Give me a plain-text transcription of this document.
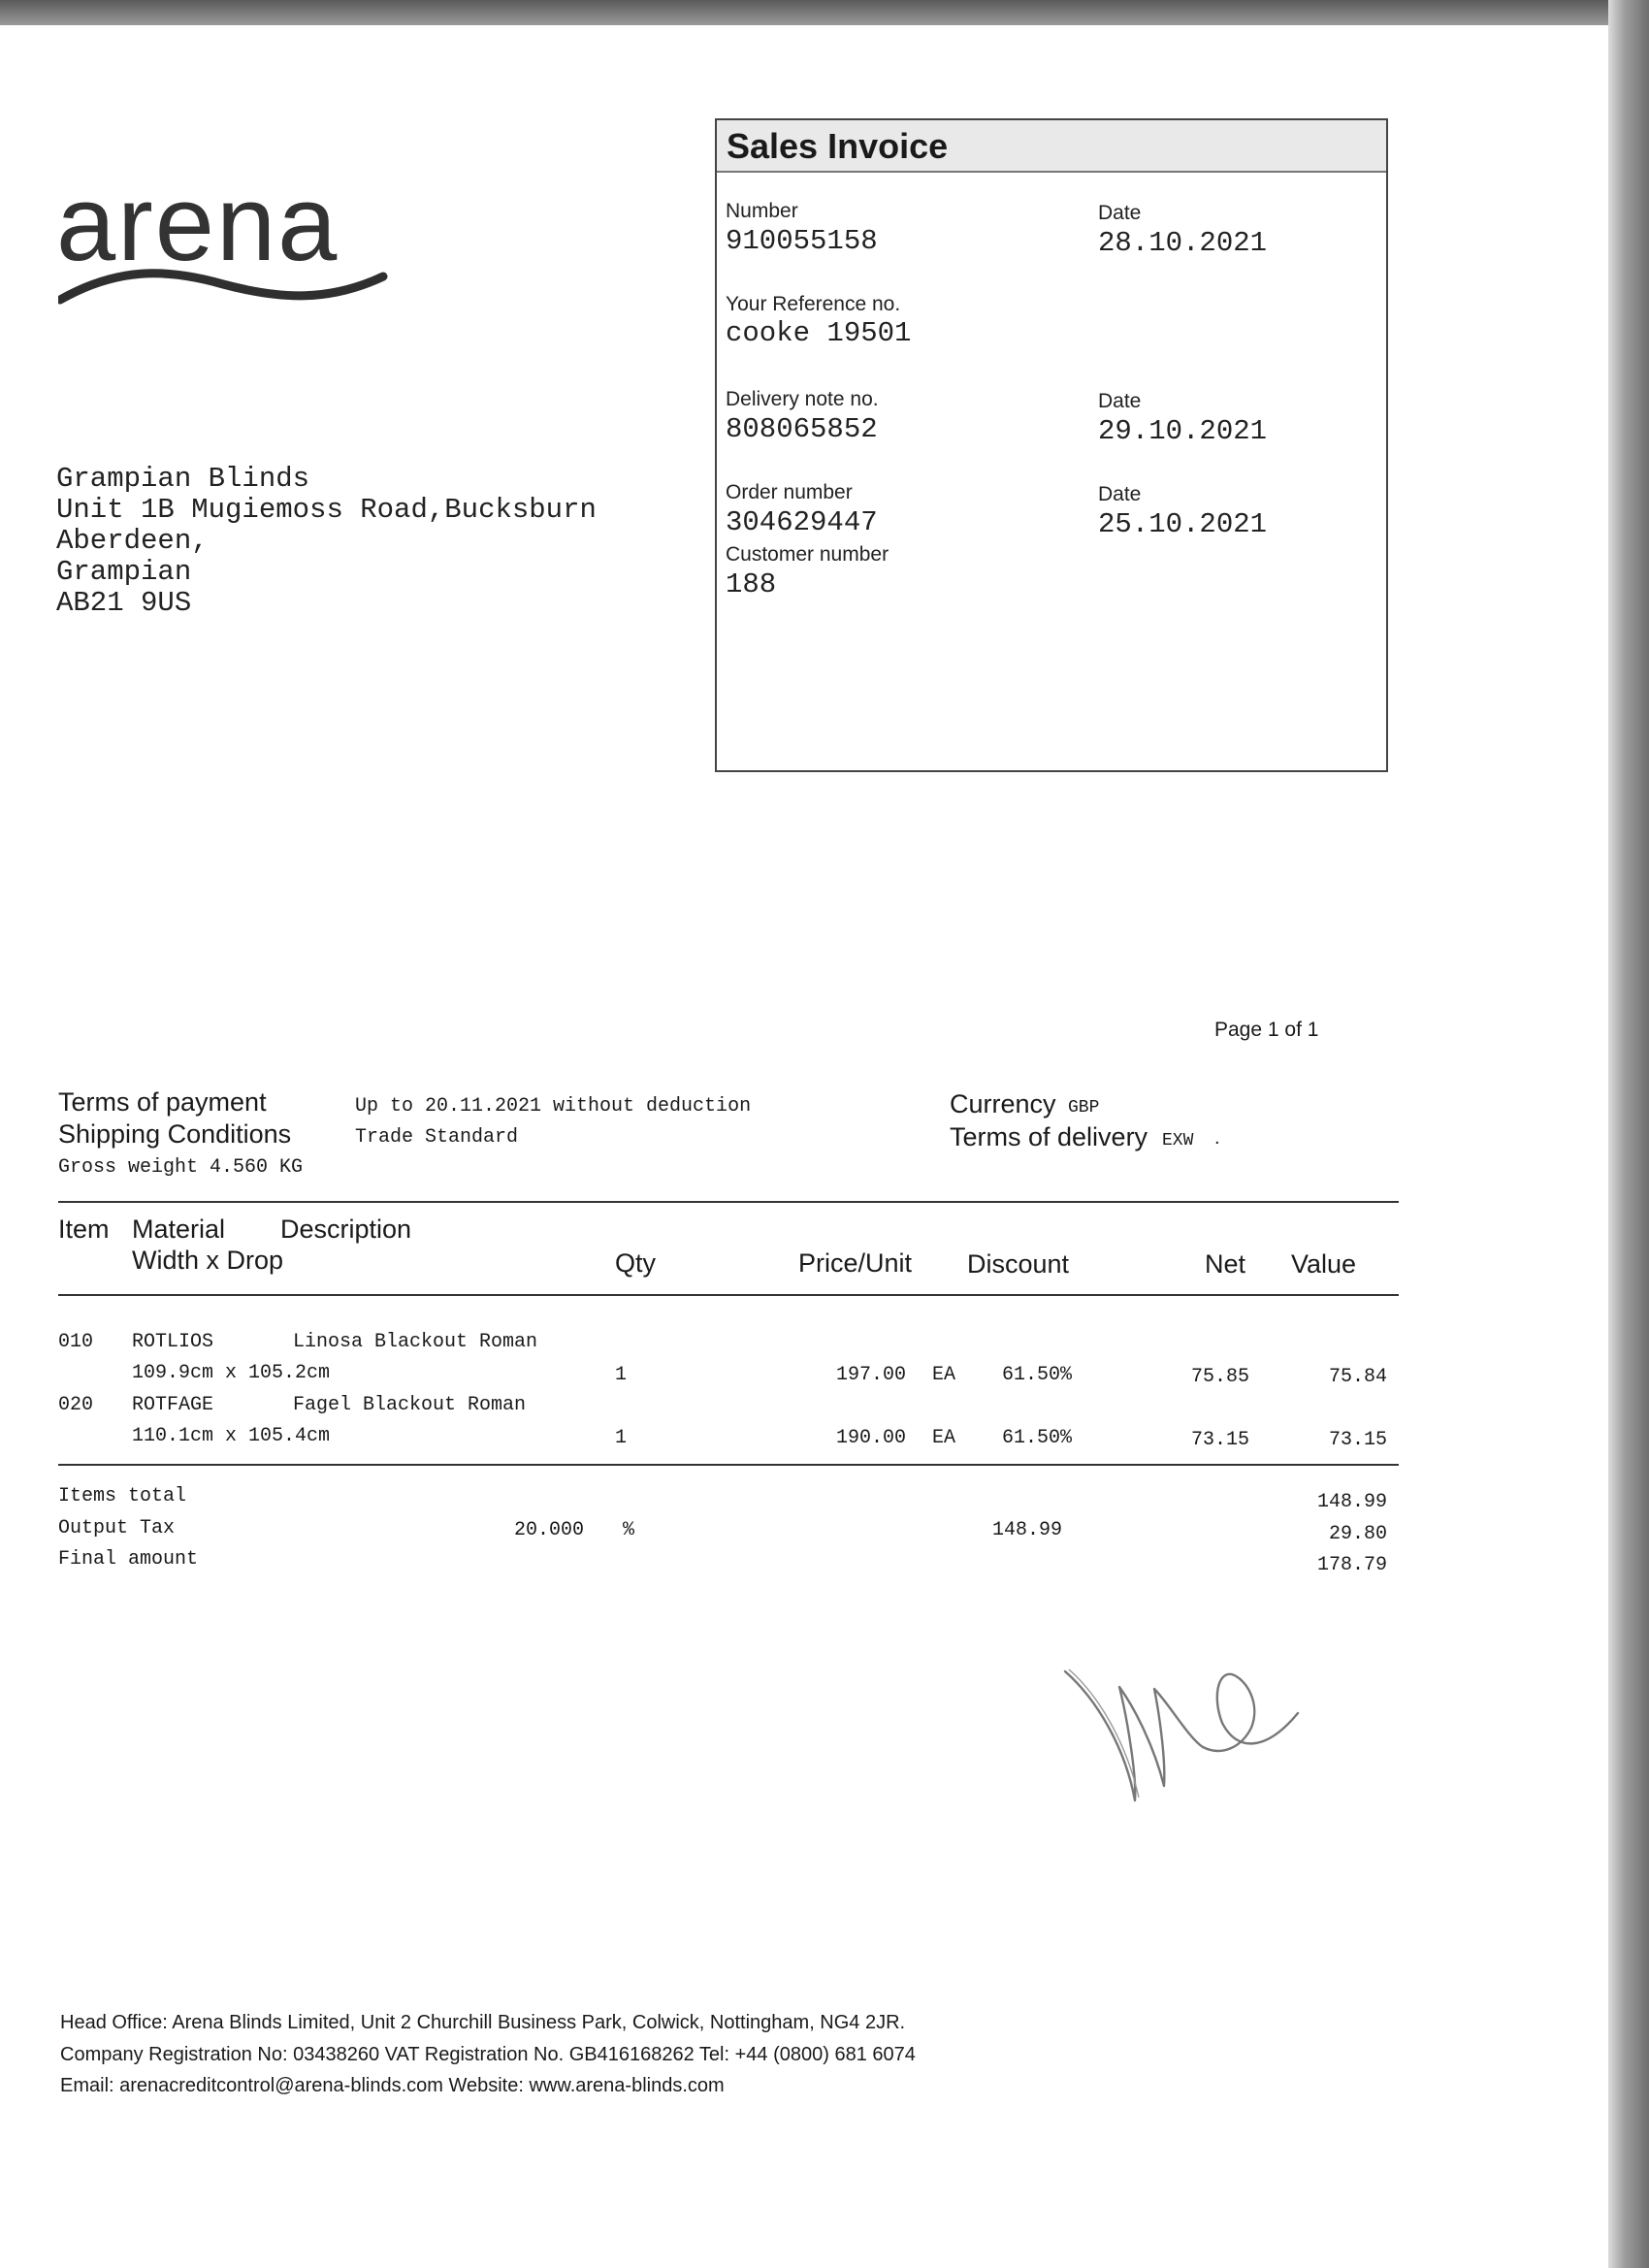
arena
Grampian Blinds
Unit 1B Mugiemoss Road,Bucksburn
Aberdeen,
Grampian
AB21 9US
Sales Invoice
Number
910055158
Date
28.10.2021
Your Reference no.
cooke 19501
Delivery note no.
808065852
Date
29.10.2021
Order number
304629447
Date
25.10.2021
Customer number
188
Page 1 of 1
Terms of payment	Up to 20.11.2021 without deduction
Shipping Conditions	Trade Standard
Gross weight 4.560 KG
Currency GBP
Terms of delivery EXW .
Item Material Description
Width x Drop	Qty	Price/Unit Discount	Net Value
010 ROTLIOS	Linosa Blackout Roman
109.9cm x 105.2cm	1	197.00 EA	61.50%	75.85	75.84
020 ROTFAGE	Fagel Blackout Roman
110.1cm x 105.4cm	1	190.00 EA	61.50%	73.15	73.15
Items total	148.99
Output Tax	20.000 %	148.99	29.80
Final amount	178.79
Head Office: Arena Blinds Limited, Unit 2 Churchill Business Park, Colwick, Nottingham, NG4 2JR.
Company Registration No: 03438260 VAT Registration No. GB416168262 Tel: +44 (0800) 681 6074
Email: arenacreditcontrol@arena-blinds.com Website: www.arena-blinds.com
